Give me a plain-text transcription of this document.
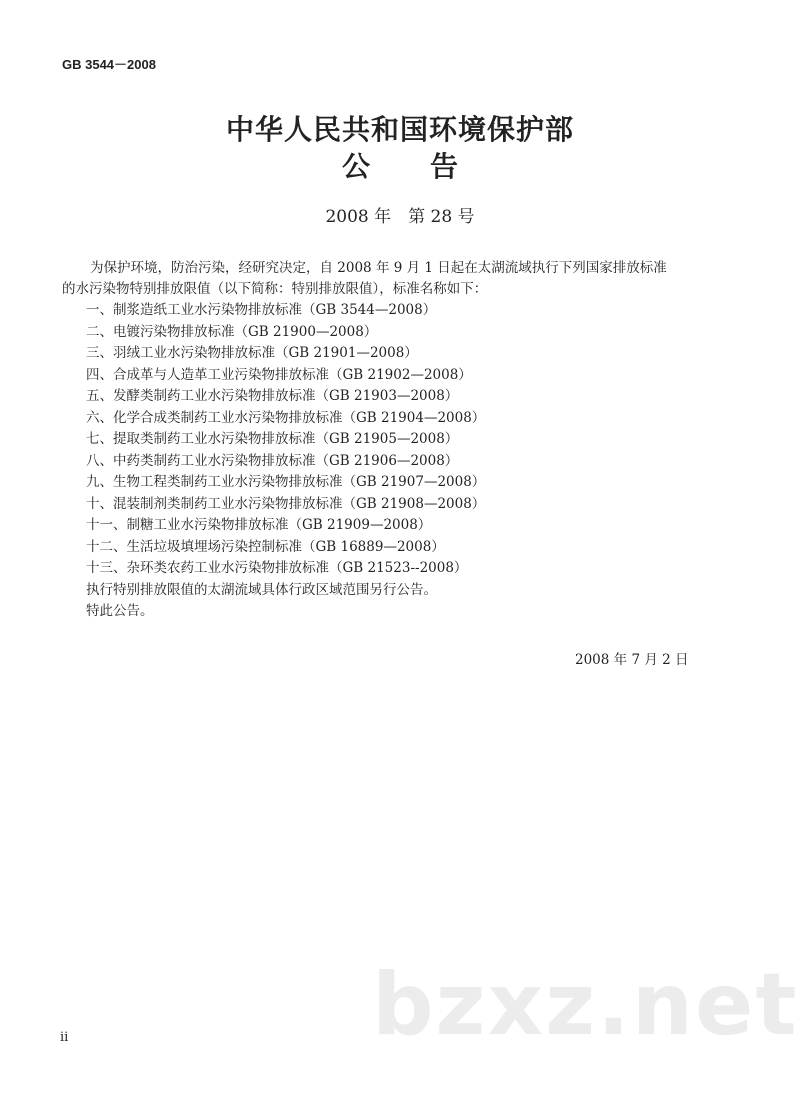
GB 3544－2008
中华人民共和国环境保护部
公 告
2008 年　第 28 号
为保护环境，防治污染，经研究决定，自 2008 年 9 月 1 日起在太湖流域执行下列国家排放标准
的水污染物特别排放限值（以下简称：特别排放限值），标准名称如下：
一、制浆造纸工业水污染物排放标准（GB 3544—2008）
二、电镀污染物排放标准（GB 21900—2008）
三、羽绒工业水污染物排放标准（GB 21901—2008）
四、合成革与人造革工业污染物排放标准（GB 21902—2008）
五、发酵类制药工业水污染物排放标准（GB 21903—2008）
六、化学合成类制药工业水污染物排放标准（GB 21904—2008）
七、提取类制药工业水污染物排放标准（GB 21905—2008）
八、中药类制药工业水污染物排放标准（GB 21906—2008）
九、生物工程类制药工业水污染物排放标准（GB 21907—2008）
十、混装制剂类制药工业水污染物排放标准（GB 21908—2008）
十一、制糖工业水污染物排放标准（GB 21909—2008）
十二、生活垃圾填埋场污染控制标准（GB 16889—2008）
十三、杂环类农药工业水污染物排放标准（GB 21523--2008）
执行特别排放限值的太湖流域具体行政区域范围另行公告。
特此公告。
2008 年 7 月 2 日
bzxz.net
ii
